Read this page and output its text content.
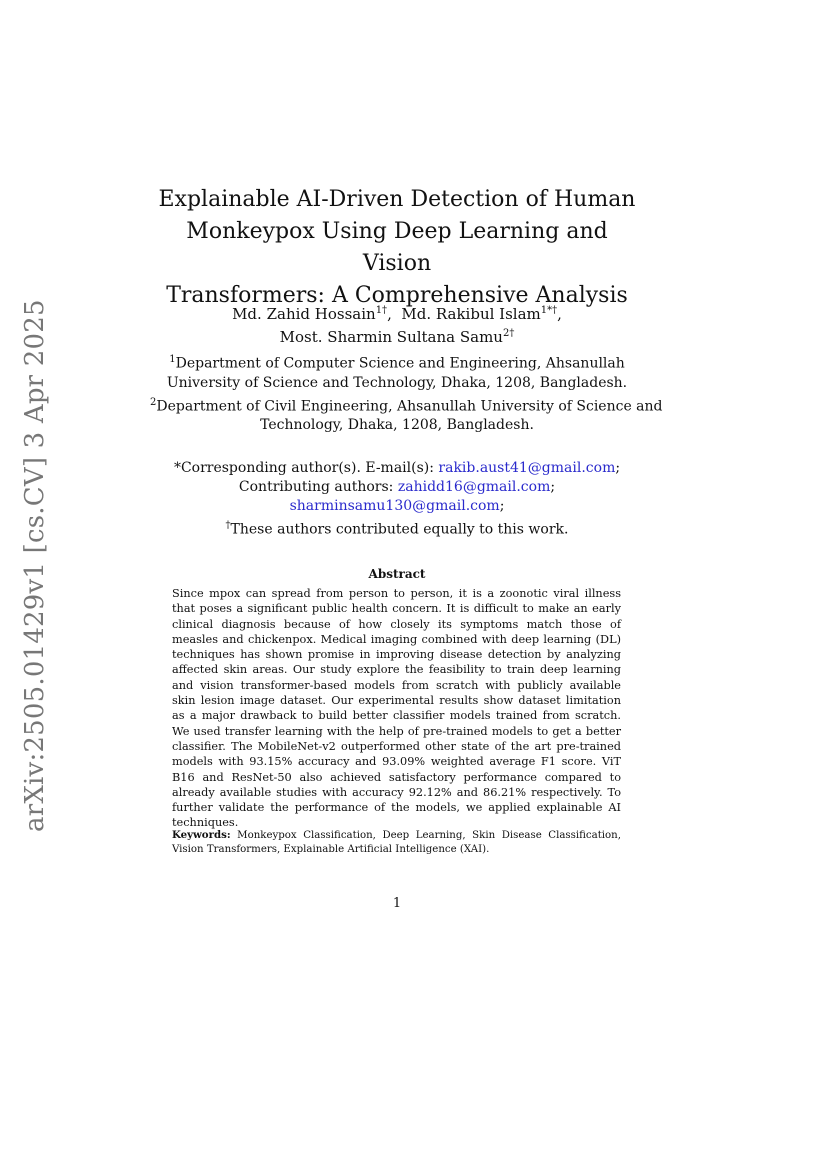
arXiv:2505.01429v1 [cs.CV] 3 Apr 2025
Explainable AI-Driven Detection of Human
Monkeypox Using Deep Learning and Vision
Transformers: A Comprehensive Analysis
Md. Zahid Hossain$^{1\dagger}$,  Md. Rakibul Islam$^{1*\dagger}$,
Most. Sharmin Sultana Samu$^{2\dagger}$
$^1$Department of Computer Science and Engineering, Ahsanullah
University of Science and Technology, Dhaka, 1208, Bangladesh.
$^2$Department of Civil Engineering, Ahsanullah University of Science and
Technology, Dhaka, 1208, Bangladesh.
*Corresponding author(s). E-mail(s): rakib.aust41@gmail.com;
Contributing authors: zahidd16@gmail.com;
sharminsamu130@gmail.com;
†These authors contributed equally to this work.
Abstract
Since mpox can spread from person to person, it is a zoonotic viral illness that poses a significant public health concern. It is difficult to make an early clinical diagnosis because of how closely its symptoms match those of measles and chickenpox. Medical imaging combined with deep learning (DL) techniques has shown promise in improving disease detection by analyzing affected skin areas. Our study explore the feasibility to train deep learning and vision transformer-based models from scratch with publicly available skin lesion image dataset. Our experimental results show dataset limitation as a major drawback to build better classifier models trained from scratch. We used transfer learning with the help of pre-trained models to get a better classifier. The MobileNet-v2 outperformed other state of the art pre-trained models with 93.15% accuracy and 93.09% weighted average F1 score. ViT B16 and ResNet-50 also achieved satisfactory performance compared to already available studies with accuracy 92.12% and 86.21% respectively. To further validate the performance of the models, we applied explainable AI techniques.
Keywords: Monkeypox Classification, Deep Learning, Skin Disease Classification, Vision Transformers, Explainable Artificial Intelligence (XAI).
1
